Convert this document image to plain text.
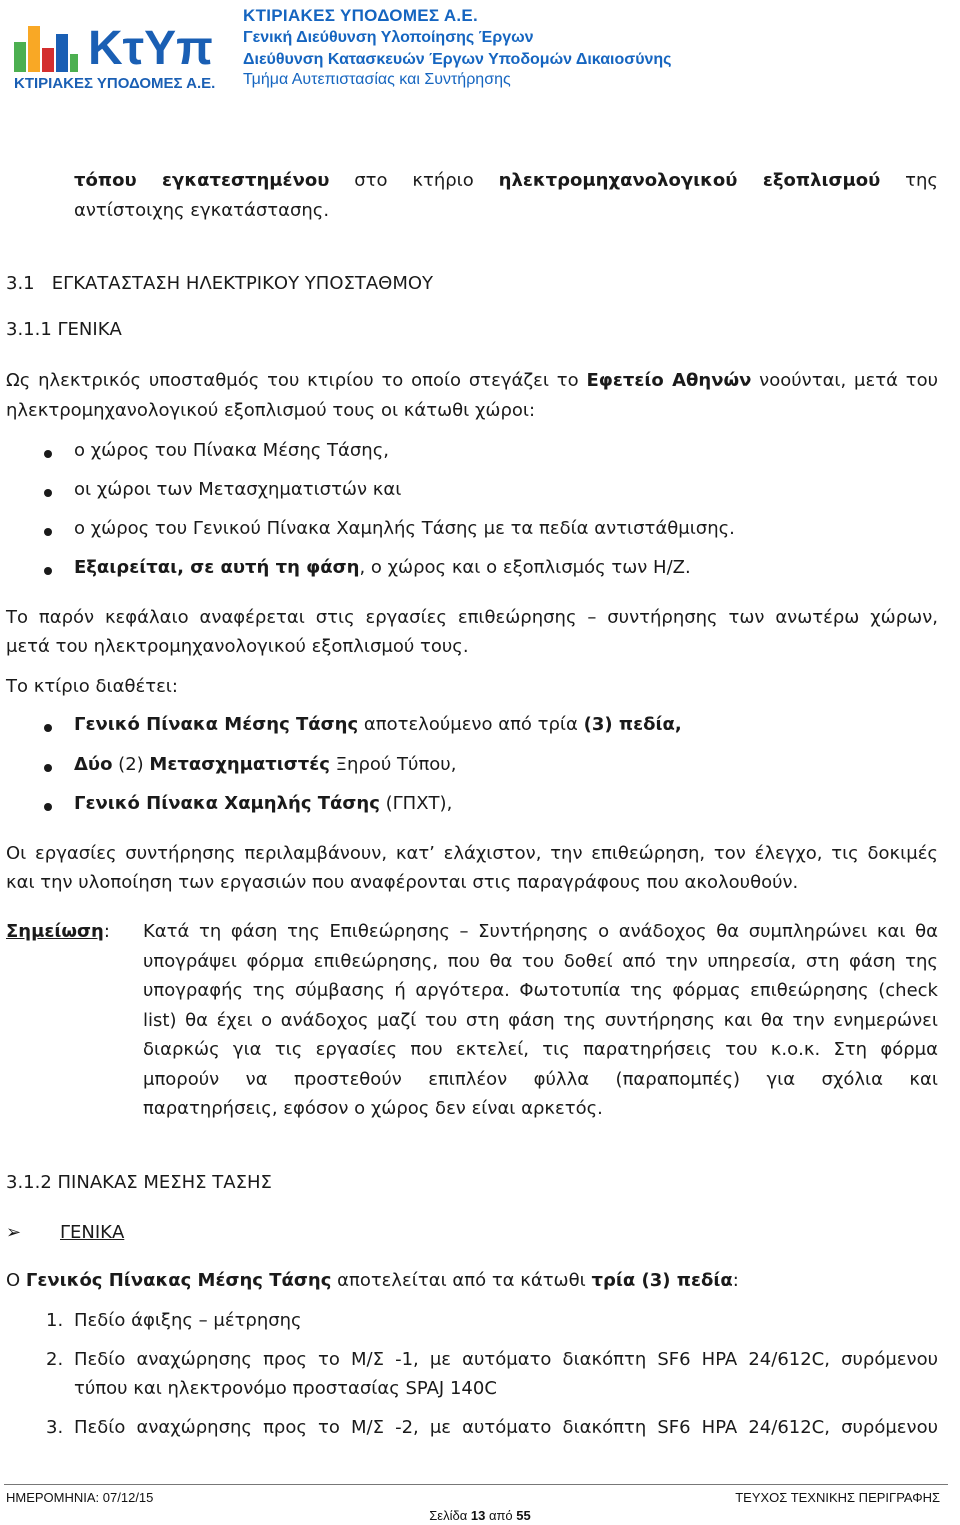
ΚτΥπ
ΚΤΙΡΙΑΚΕΣ ΥΠΟΔΟΜΕΣ Α.Ε.
ΚΤΙΡΙΑΚΕΣ ΥΠΟΔΟΜΕΣ Α.Ε.
Γενική Διεύθυνση Υλοποίησης Έργων
Διεύθυνση Κατασκευών Έργων Υποδομών Δικαιοσύνης
Τμήμα Αυτεπιστασίας και Συντήρησης
τόπου εγκατεστημένου στο κτήριο ηλεκτρομηχανολογικού εξοπλισμού της
αντίστοιχης εγκατάστασης.
3.1   ΕΓΚΑΤΑΣΤΑΣΗ ΗΛΕΚΤΡΙΚΟΥ ΥΠΟΣΤΑΘΜΟΥ
3.1.1 ΓΕΝΙΚΑ
Ως ηλεκτρικός υποσταθμός του κτιρίου το οποίο στεγάζει το Εφετείο Αθηνών νοούνται, μετά του
ηλεκτρομηχανολογικού εξοπλισμού τους οι κάτωθι χώροι:
ο χώρος του Πίνακα Μέσης Τάσης,
οι χώροι των Μετασχηματιστών και
ο χώρος του Γενικού Πίνακα Χαμηλής Τάσης με τα πεδία αντιστάθμισης.
Εξαιρείται, σε αυτή τη φάση, ο χώρος και ο εξοπλισμός των Η/Ζ.
Το παρόν κεφάλαιο αναφέρεται στις εργασίες επιθεώρησης – συντήρησης των ανωτέρω χώρων,
μετά του ηλεκτρομηχανολογικού εξοπλισμού τους.
Το κτίριο διαθέτει:
Γενικό Πίνακα Μέσης Τάσης αποτελούμενο από τρία (3) πεδία,
Δύο (2) Μετασχηματιστές Ξηρού Τύπου,
Γενικό Πίνακα Χαμηλής Τάσης (ΓΠΧΤ),
Οι εργασίες συντήρησης περιλαμβάνουν, κατ’ ελάχιστον, την επιθεώρηση, τον έλεγχο, τις δοκιμές
και την υλοποίηση των εργασιών που αναφέρονται στις παραγράφους που ακολουθούν.
Σημείωση: Κατά τη φάση της Επιθεώρησης – Συντήρησης ο ανάδοχος θα συμπληρώνει και θα
υπογράψει φόρμα επιθεώρησης, που θα του δοθεί από την υπηρεσία, στη φάση της
υπογραφής της σύμβασης ή αργότερα. Φωτοτυπία της φόρμας επιθεώρησης (check
list) θα έχει ο ανάδοχος μαζί του στη φάση της συντήρησης και θα την ενημερώνει
διαρκώς για τις εργασίες που εκτελεί, τις παρατηρήσεις του κ.ο.κ. Στη φόρμα
μπορούν να προστεθούν επιπλέον φύλλα (παραπομπές) για σχόλια και
παρατηρήσεις, εφόσον ο χώρος δεν είναι αρκετός.
3.1.2 ΠΙΝΑΚΑΣ ΜΕΣΗΣ ΤΑΣΗΣ
➢ ΓΕΝΙΚΑ
Ο Γενικός Πίνακας Μέσης Τάσης αποτελείται από τα κάτωθι τρία (3) πεδία:
1. Πεδίο άφιξης – μέτρησης
2. Πεδίο αναχώρησης προς το Μ/Σ -1, με αυτόματο διακόπτη SF6 HPA 24/612C, συρόμενου
τύπου και ηλεκτρονόμο προστασίας SPAJ 140C
3. Πεδίο αναχώρησης προς το Μ/Σ -2, με αυτόματο διακόπτη SF6 HPA 24/612C, συρόμενου
ΗΜΕΡΟΜΗΝΙΑ: 07/12/15	ΤΕΥΧΟΣ ΤΕΧΝΙΚΗΣ ΠΕΡΙΓΡΑΦΗΣ
Σελίδα 13 από 55
